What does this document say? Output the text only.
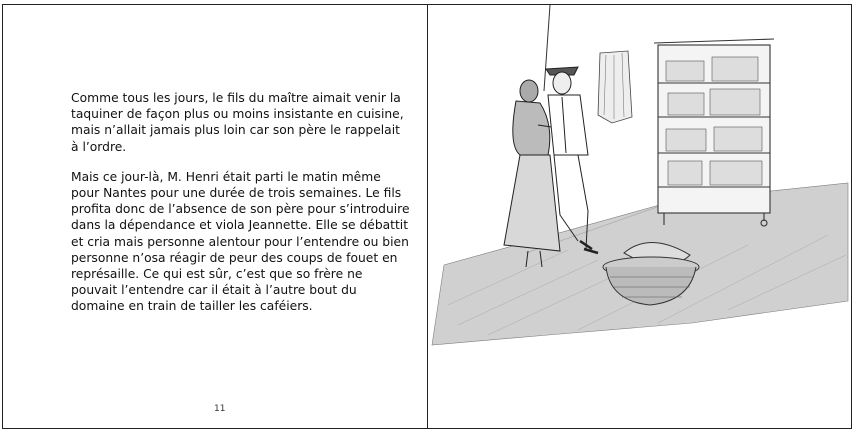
Comme tous les jours, le fils du maître aimait venir la taquiner de façon plus ou moins insistante en cuisine, mais n’allait jamais plus loin car son père le rappelait à l’ordre.

Mais ce jour-là, M. Henri était parti le matin même pour Nantes pour une durée de trois semaines. Le fils profita donc de l’absence de son père pour s’introduire dans la dépendance et viola Jeannette. Elle se débattit et cria mais personne alentour pour l’entendre ou bien personne n’osa réagir de peur des coups de fouet en représaille. Ce qui est sûr, c’est que so frère ne pouvait l’entendre car il était à l’autre bout du domaine en train de tailler les caféiers.

11
